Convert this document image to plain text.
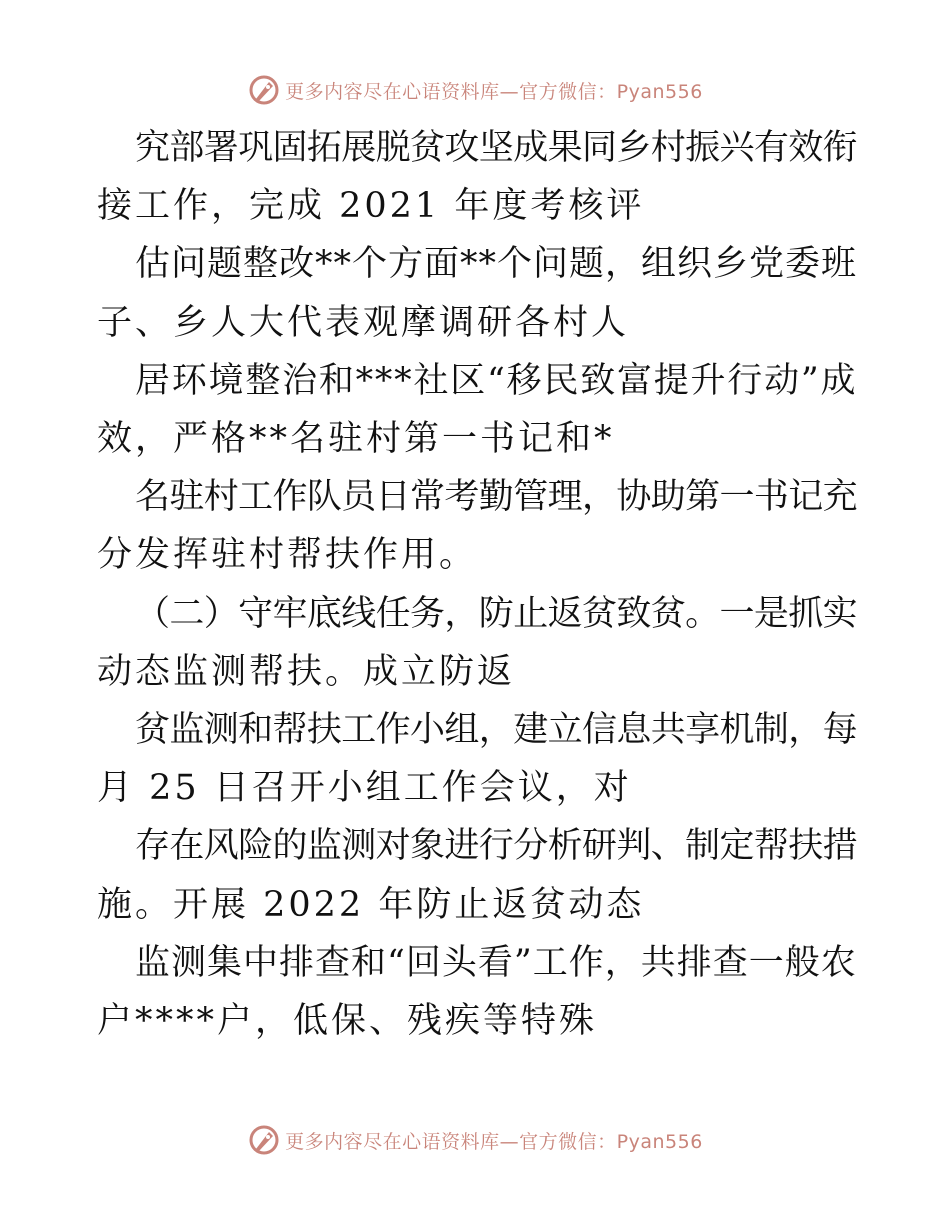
更多内容尽在心语资料库—官方微信：Pyan556
究部署巩固拓展脱贫攻坚成果同乡村振兴有效衔
接工作，完成 2021 年度考核评
估问题整改**个方面**个问题，组织乡党委班
子、乡人大代表观摩调研各村人
居环境整治和***社区“移民致富提升行动”成
效，严格**名驻村第一书记和*
名驻村工作队员日常考勤管理，协助第一书记充
分发挥驻村帮扶作用。
（二）守牢底线任务，防止返贫致贫。一是抓实
动态监测帮扶。成立防返
贫监测和帮扶工作小组，建立信息共享机制，每
月 25 日召开小组工作会议，对
存在风险的监测对象进行分析研判、制定帮扶措
施。开展 2022 年防止返贫动态
监测集中排查和“回头看”工作，共排查一般农
户****户，低保、残疾等特殊
更多内容尽在心语资料库—官方微信：Pyan556
